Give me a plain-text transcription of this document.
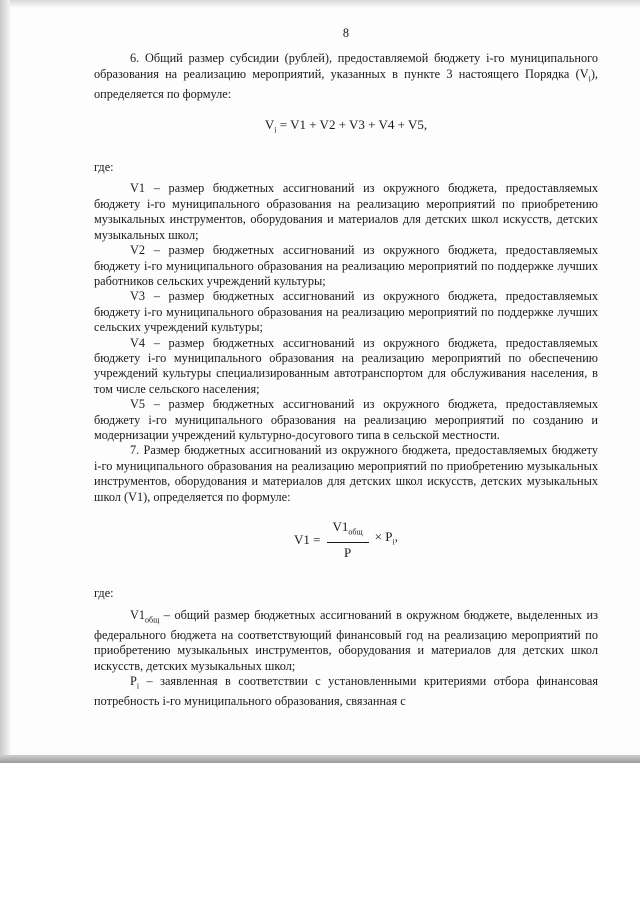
8

6. Общий размер субсидии (рублей), предоставляемой бюджету i-го муниципального образования на реализацию мероприятий, указанных в пункте 3 настоящего Порядка $(V_i)$, определяется по формуле:

$V_i = V1 + V2 + V3 + V4 + V5$,

где:

V1 – размер бюджетных ассигнований из окружного бюджета, предоставляемых бюджету i-го муниципального образования на реализацию мероприятий по приобретению музыкальных инструментов, оборудования и материалов для детских школ искусств, детских музыкальных школ;

V2 – размер бюджетных ассигнований из окружного бюджета, предоставляемых бюджету i-го муниципального образования на реализацию мероприятий по поддержке лучших работников сельских учреждений культуры;

V3 – размер бюджетных ассигнований из окружного бюджета, предоставляемых бюджету i-го муниципального образования на реализацию мероприятий по поддержке лучших сельских учреждений культуры;

V4 – размер бюджетных ассигнований из окружного бюджета, предоставляемых бюджету i-го муниципального образования на реализацию мероприятий по обеспечению учреждений культуры специализированным автотранспортом для обслуживания населения, в том числе сельского населения;

V5 – размер бюджетных ассигнований из окружного бюджета, предоставляемых бюджету i-го муниципального образования на реализацию мероприятий по созданию и модернизации учреждений культурно-досугового типа в сельской местности.

7. Размер бюджетных ассигнований из окружного бюджета, предоставляемых бюджету i-го муниципального образования на реализацию мероприятий по приобретению музыкальных инструментов, оборудования и материалов для детских школ искусств, детских музыкальных школ (V1), определяется по формуле:

$V1 = \frac{V1_{общ}}{P} \times P_i$,

где:

$V1_{общ}$ – общий размер бюджетных ассигнований в окружном бюджете, выделенных из федерального бюджета на соответствующий финансовый год на реализацию мероприятий по приобретению музыкальных инструментов, оборудования и материалов для детских школ искусств, детских музыкальных школ;

$P_i$ – заявленная в соответствии с установленными критериями отбора финансовая потребность i-го муниципального образования, связанная с
